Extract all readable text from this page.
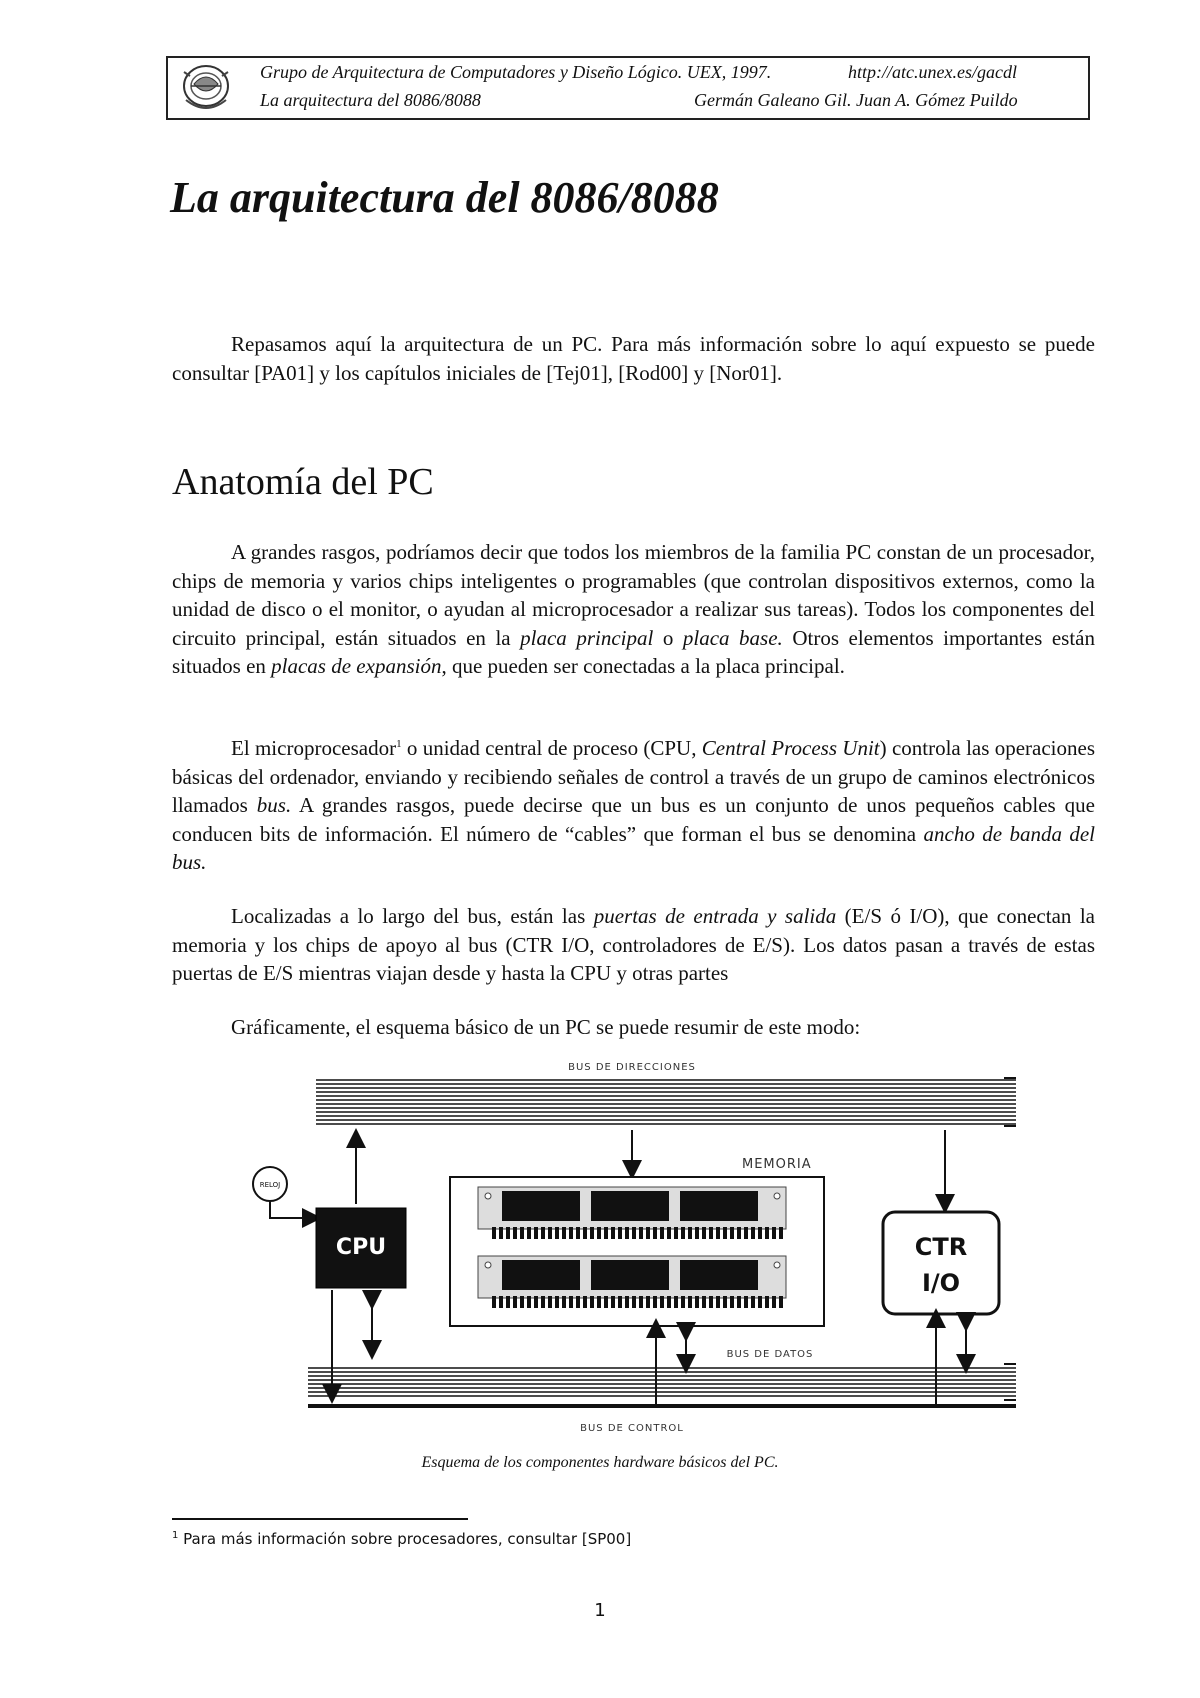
Grupo de Arquitectura de Computadores y Diseño Lógico. UEX, 1997.	http://atc.unex.es/gacdl
La arquitectura del 8086/8088	Germán Galeano Gil. Juan A. Gómez Puildo
La arquitectura del 8086/8088

Repasamos aquí la arquitectura de un PC. Para más información sobre lo aquí expuesto se puede consultar [PA01] y los capítulos iniciales de [Tej01], [Rod00] y [Nor01].

Anatomía del PC

A grandes rasgos, podríamos decir que todos los miembros de la familia PC constan de un procesador, chips de memoria y varios chips inteligentes o programables (que controlan dispositivos externos, como la unidad de disco o el monitor, o ayudan al microprocesador a realizar sus tareas). Todos los componentes del circuito principal, están situados en la placa principal o placa base. Otros elementos importantes están situados en placas de expansión, que pueden ser conectadas a la placa principal.

El microprocesador$^1$ o unidad central de proceso (CPU, Central Process Unit) controla las operaciones básicas del ordenador, enviando y recibiendo señales de control a través de un grupo de caminos electrónicos llamados bus. A grandes rasgos, puede decirse que un bus es un conjunto de unos pequeños cables que conducen bits de información. El número de “cables” que forman el bus se denomina ancho de banda del bus.

Localizadas a lo largo del bus, están las puertas de entrada y salida (E/S ó I/O), que conectan la memoria y los chips de apoyo al bus (CTR I/O, controladores de E/S). Los datos pasan a través de estas puertas de E/S mientras viajan desde y hasta la CPU y otras partes

Gráficamente, el esquema básico de un PC se puede resumir de este modo:

BUS DE DIRECCIONES
RELOJ
CPU
MEMORIA
CTR
I/O
BUS DE DATOS
BUS DE CONTROL
Esquema de los componentes hardware básicos del PC.
$^1$ Para más información sobre procesadores, consultar [SP00]
1
